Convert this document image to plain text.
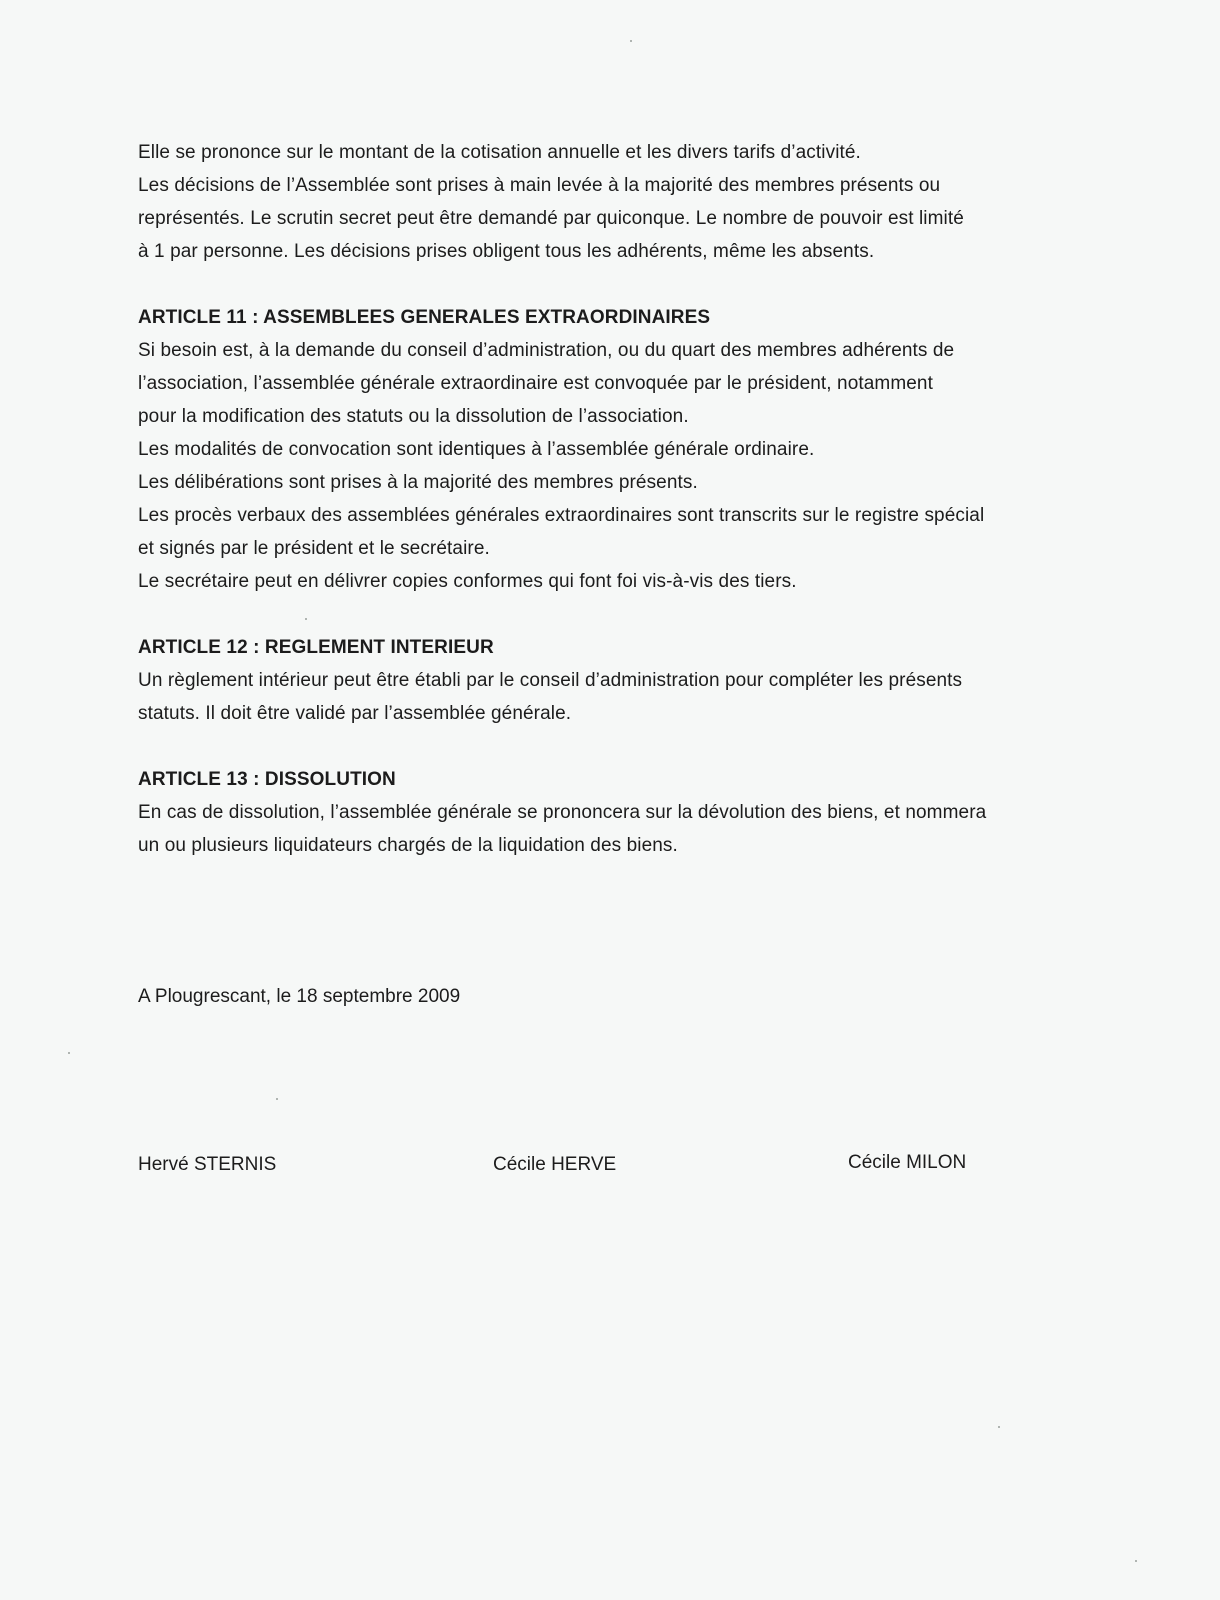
Elle se prononce sur le montant de la cotisation annuelle et les divers tarifs d’activité.
Les décisions de l’Assemblée sont prises à main levée à la majorité des membres présents ou
représentés. Le scrutin secret peut être demandé par quiconque. Le nombre de pouvoir est limité
à 1 par personne. Les décisions prises obligent tous les adhérents, même les absents.
ARTICLE 11 : ASSEMBLEES GENERALES EXTRAORDINAIRES
Si besoin est, à la demande du conseil d’administration, ou du quart des membres adhérents de
l’association, l’assemblée générale extraordinaire est convoquée par le président, notamment
pour la modification des statuts ou la dissolution de l’association.
Les modalités de convocation sont identiques à l’assemblée générale ordinaire.
Les délibérations sont prises à la majorité des membres présents.
Les procès verbaux des assemblées générales extraordinaires sont transcrits sur le registre spécial
et signés par le président et le secrétaire.
Le secrétaire peut en délivrer copies conformes qui font foi vis-à-vis des tiers.
ARTICLE 12 : REGLEMENT INTERIEUR
Un règlement intérieur peut être établi par le conseil d’administration pour compléter les présents
statuts. Il doit être validé par l’assemblée générale.
ARTICLE 13 : DISSOLUTION
En cas de dissolution, l’assemblée générale se prononcera sur la dévolution des biens, et nommera
un ou plusieurs liquidateurs chargés de la liquidation des biens.
A Plougrescant, le 18 septembre 2009
Hervé STERNIS	Cécile HERVE	Cécile MILON
